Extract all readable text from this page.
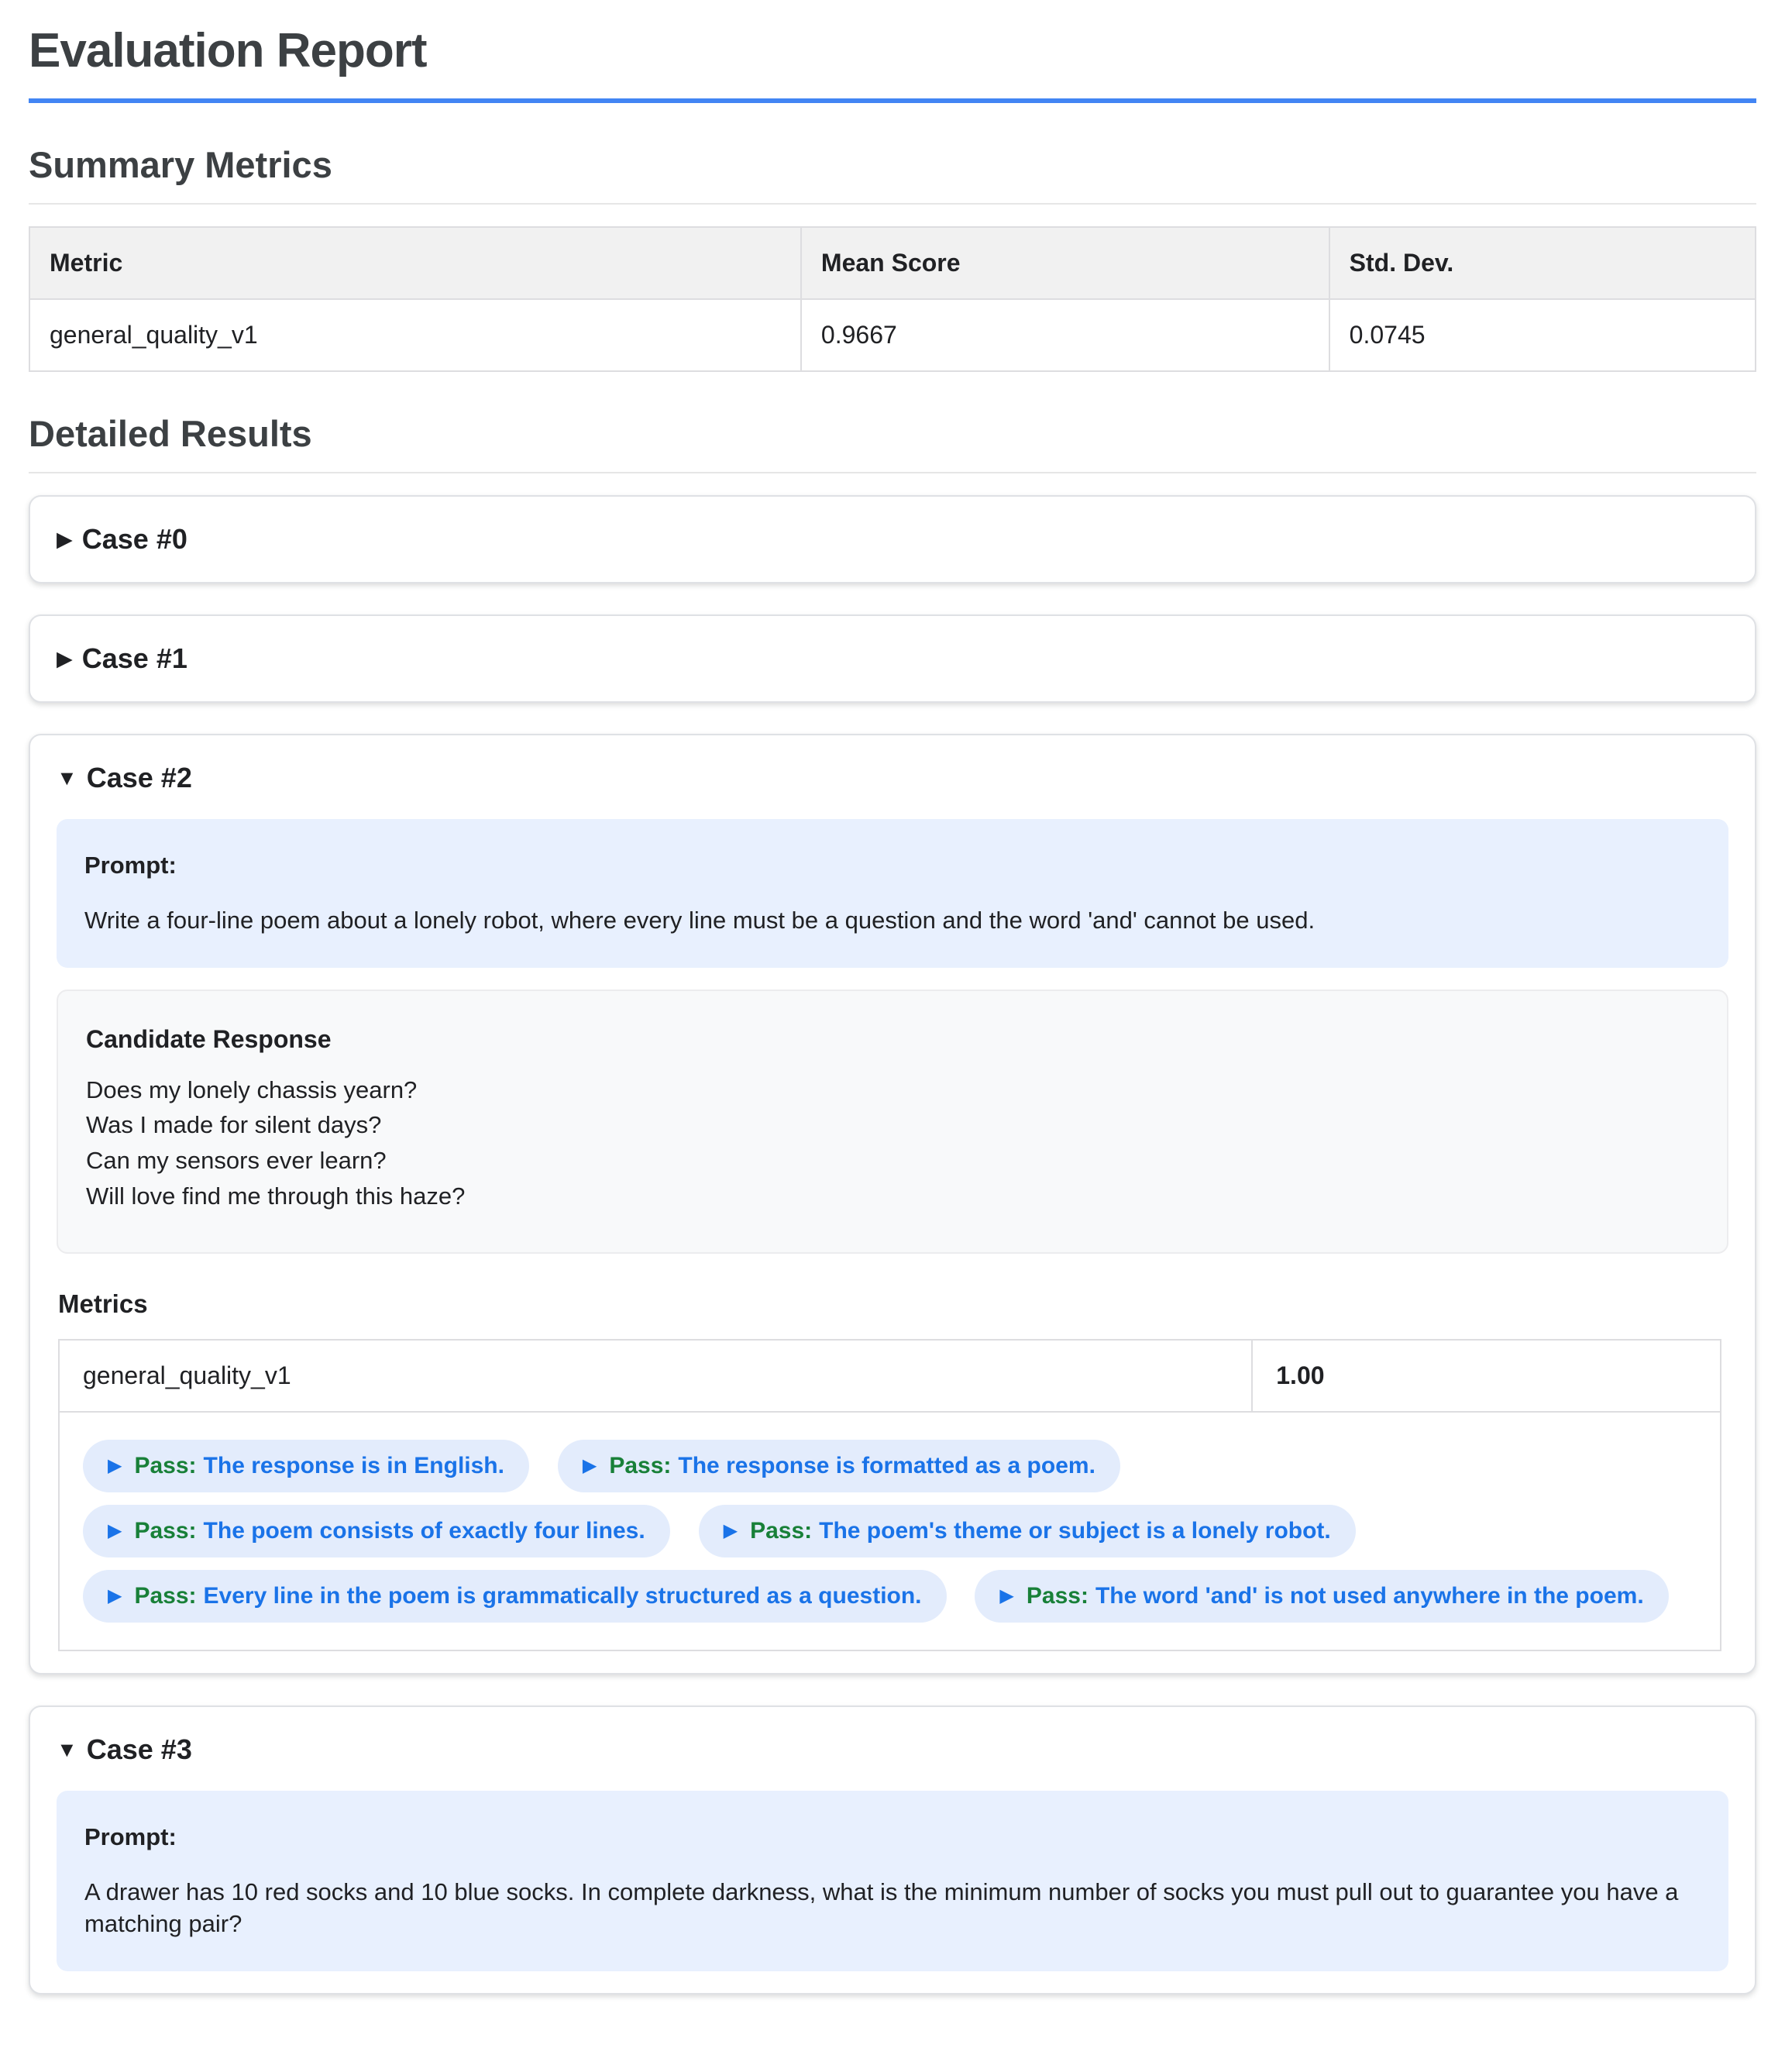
Evaluation Report
Summary Metrics
Metric	Mean Score	Std. Dev.
general_quality_v1	0.9667	0.0745
Detailed Results
▶ Case #0
▶ Case #1
▼ Case #2

Prompt:

Write a four-line poem about a lonely robot, where every line must be a question and the word 'and' cannot be used.

Candidate Response

Does my lonely chassis yearn?
Was I made for silent days?
Can my sensors ever learn?
Will love find me through this haze?
Metrics
general_quality_v1	1.00
▶ Pass: The response is in English.	▶ Pass: The response is formatted as a poem. ▶ Pass: The poem consists of exactly four lines.	▶ Pass: The poem's theme or subject is a lonely robot. ▶ Pass: Every line in the poem is grammatically structured as a question.	▶ Pass: The word 'and' is not used anywhere in the poem.
▼ Case #3

Prompt:

A drawer has 10 red socks and 10 blue socks. In complete darkness, what is the minimum number of socks you must pull out to guarantee you have a matching pair?
